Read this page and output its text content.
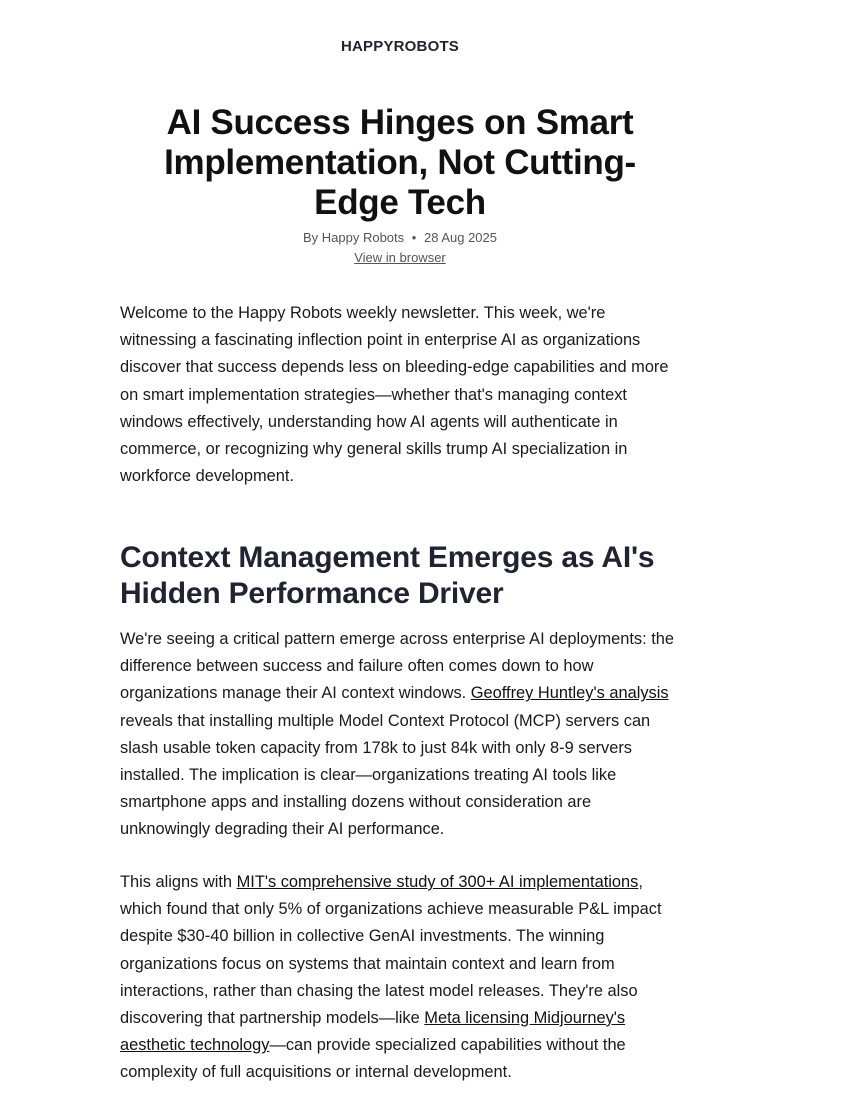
HAPPYROBOTS
AI Success Hinges on Smart Implementation, Not Cutting-Edge Tech
By Happy Robots • 28 Aug 2025
View in browser

Welcome to the Happy Robots weekly newsletter. This week, we're witnessing a fascinating inflection point in enterprise AI as organizations discover that success depends less on bleeding-edge capabilities and more on smart implementation strategies—whether that's managing context windows effectively, understanding how AI agents will authenticate in commerce, or recognizing why general skills trump AI specialization in workforce development.

Context Management Emerges as AI's Hidden Performance Driver

We're seeing a critical pattern emerge across enterprise AI deployments: the difference between success and failure often comes down to how organizations manage their AI context windows. Geoffrey Huntley's analysis reveals that installing multiple Model Context Protocol (MCP) servers can slash usable token capacity from 178k to just 84k with only 8-9 servers installed. The implication is clear—organizations treating AI tools like smartphone apps and installing dozens without consideration are unknowingly degrading their AI performance.

This aligns with MIT's comprehensive study of 300+ AI implementations, which found that only 5% of organizations achieve measurable P&L impact despite $30-40 billion in collective GenAI investments. The winning organizations focus on systems that maintain context and learn from interactions, rather than chasing the latest model releases. They're also discovering that partnership models—like Meta licensing Midjourney's aesthetic technology—can provide specialized capabilities without the complexity of full acquisitions or internal development.
